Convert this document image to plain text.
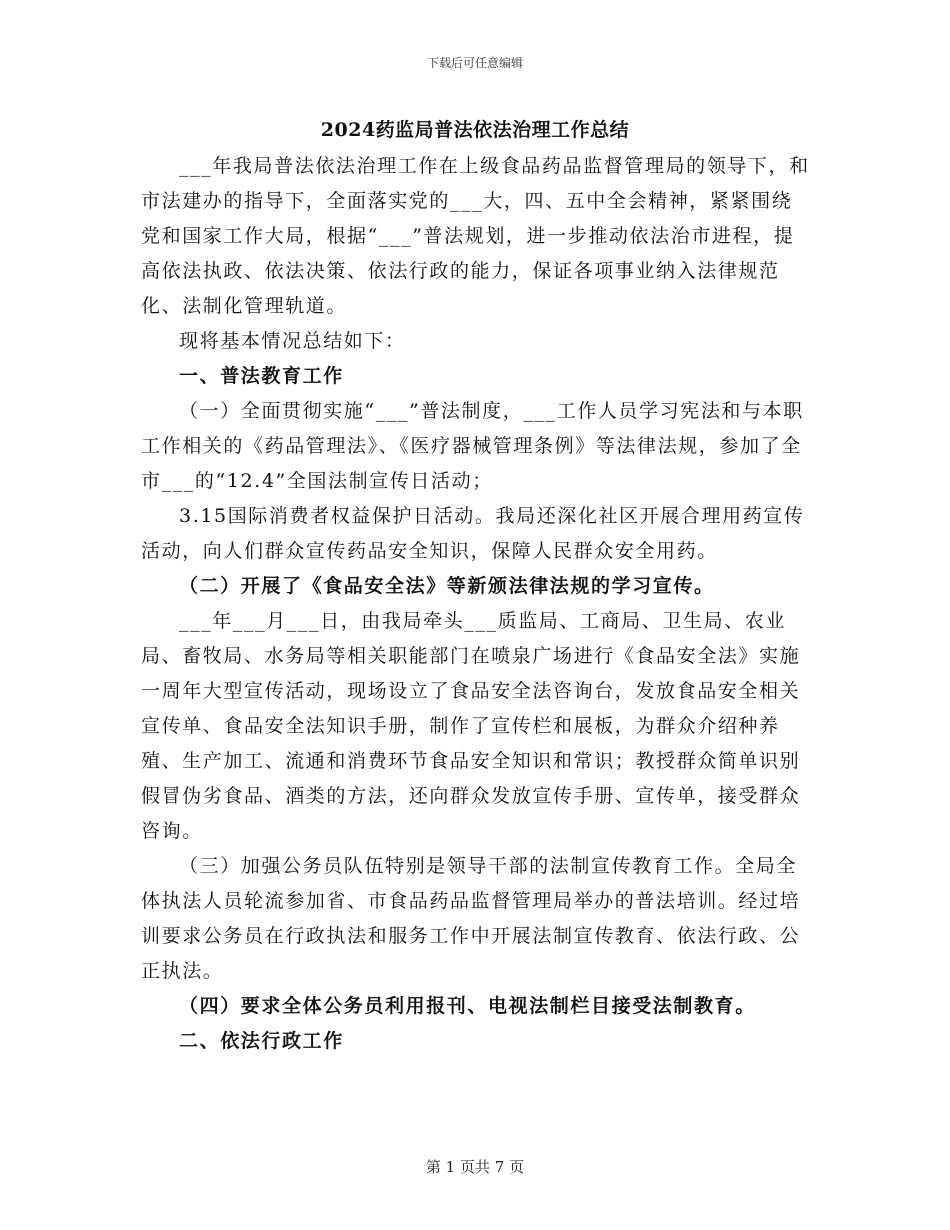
下载后可任意编辑
2024药监局普法依法治理工作总结

___年我局普法依法治理工作在上级食品药品监督管理局的领导下，和市法建办的指导下，全面落实党的___大，四、五中全会精神，紧紧围绕党和国家工作大局，根据“___”普法规划，进一步推动依法治市进程，提高依法执政、依法决策、依法行政的能力，保证各项事业纳入法律规范化、法制化管理轨道。

现将基本情况总结如下：

一、普法教育工作

（一）全面贯彻实施“___”普法制度，___工作人员学习宪法和与本职工作相关的《药品管理法》、《医疗器械管理条例》等法律法规，参加了全市___的“12.4”全国法制宣传日活动；

3.15国际消费者权益保护日活动。我局还深化社区开展合理用药宣传活动，向人们群众宣传药品安全知识，保障人民群众安全用药。

（二）开展了《食品安全法》等新颁法律法规的学习宣传。

___年___月___日，由我局牵头___质监局、工商局、卫生局、农业局、畜牧局、水务局等相关职能部门在喷泉广场进行《食品安全法》实施一周年大型宣传活动，现场设立了食品安全法咨询台，发放食品安全相关宣传单、食品安全法知识手册，制作了宣传栏和展板，为群众介绍种养殖、生产加工、流通和消费环节食品安全知识和常识；教授群众简单识别假冒伪劣食品、酒类的方法，还向群众发放宣传手册、宣传单，接受群众咨询。

（三）加强公务员队伍特别是领导干部的法制宣传教育工作。全局全体执法人员轮流参加省、市食品药品监督管理局举办的普法培训。经过培训要求公务员在行政执法和服务工作中开展法制宣传教育、依法行政、公正执法。

（四）要求全体公务员利用报刊、电视法制栏目接受法制教育。

二、依法行政工作

第 1 页共 7 页
